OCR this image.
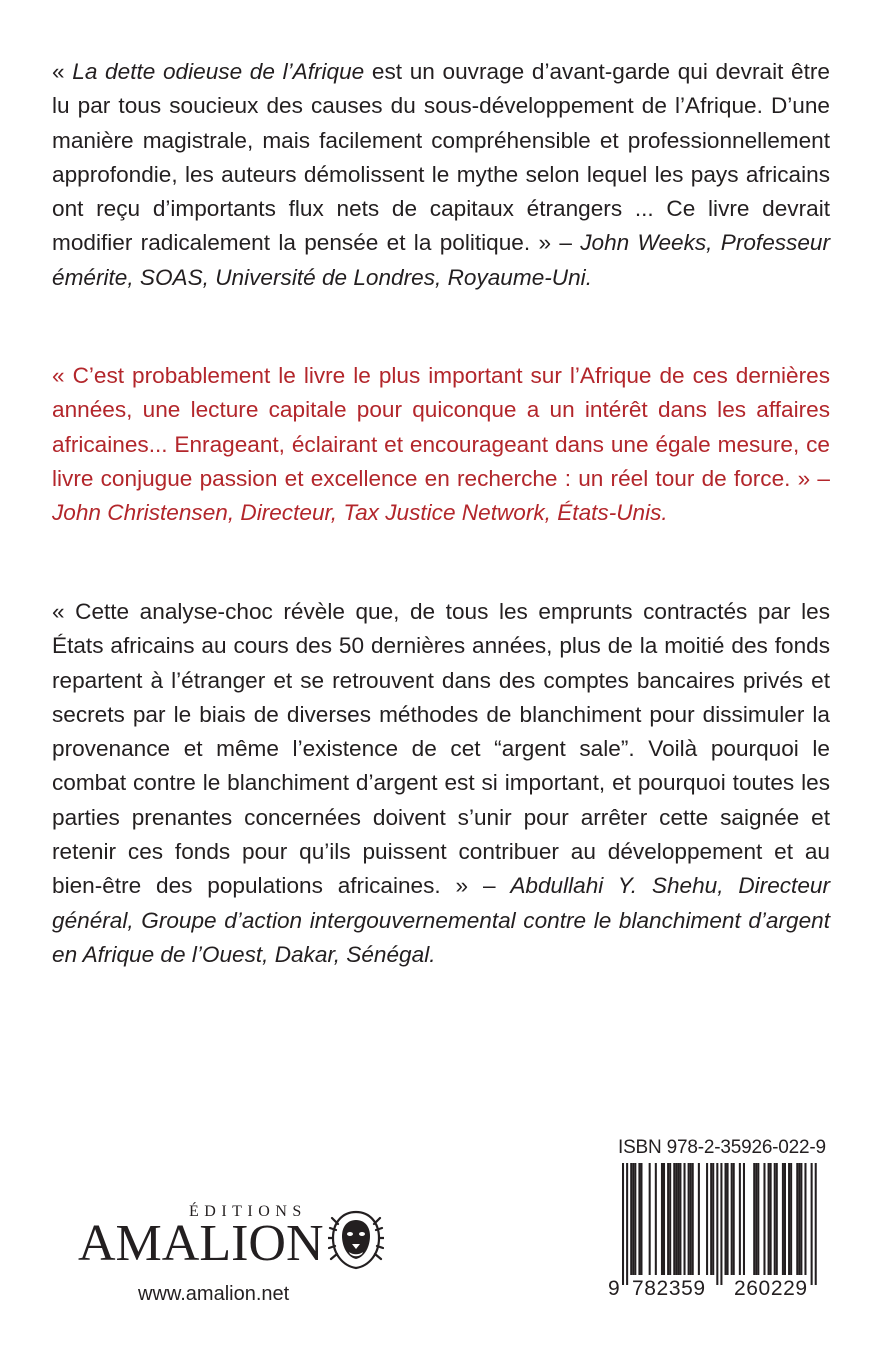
« La dette odieuse de l’Afrique est un ouvrage d’avant-garde qui devrait être lu par tous soucieux des causes du sous-développement de l’Afrique. D’une manière magistrale, mais facilement compréhensible et professionnellement approfondie, les auteurs démolissent le mythe selon lequel les pays africains ont reçu d’importants flux nets de capitaux étrangers ... Ce livre devrait modifier radicalement la pensée et la politique. » – John Weeks, Professeur émérite, SOAS, Université de Londres, Royaume-Uni.

« C’est probablement le livre le plus important sur l’Afrique de ces dernières années, une lecture capitale pour quiconque a un intérêt dans les affaires africaines... Enrageant, éclairant et encourageant dans une égale mesure, ce livre conjugue passion et excellence en recherche : un réel tour de force. » – John Christensen, Directeur, Tax Justice Network, États-Unis.

« Cette analyse-choc révèle que, de tous les emprunts contractés par les États africains au cours des 50 dernières années, plus de la moitié des fonds repartent à l’étranger et se retrouvent dans des comptes bancaires privés et secrets par le biais de diverses méthodes de blanchiment pour dissimuler la provenance et même l’existence de cet “argent sale”. Voilà pourquoi le combat contre le blanchiment d’argent est si important, et pourquoi toutes les parties prenantes concernées doivent s’unir pour arrêter cette saignée et retenir ces fonds pour qu’ils puissent contribuer au développement et au bien-être des populations africaines. » – Abdullahi Y. Shehu, Directeur général, Groupe d’action intergouvernemental contre le blanchiment d’argent en Afrique de l’Ouest, Dakar, Sénégal.

ÉDITIONS
AMALION
www.amalion.net
ISBN 978-2-35926-022-9
9 782359 260229
